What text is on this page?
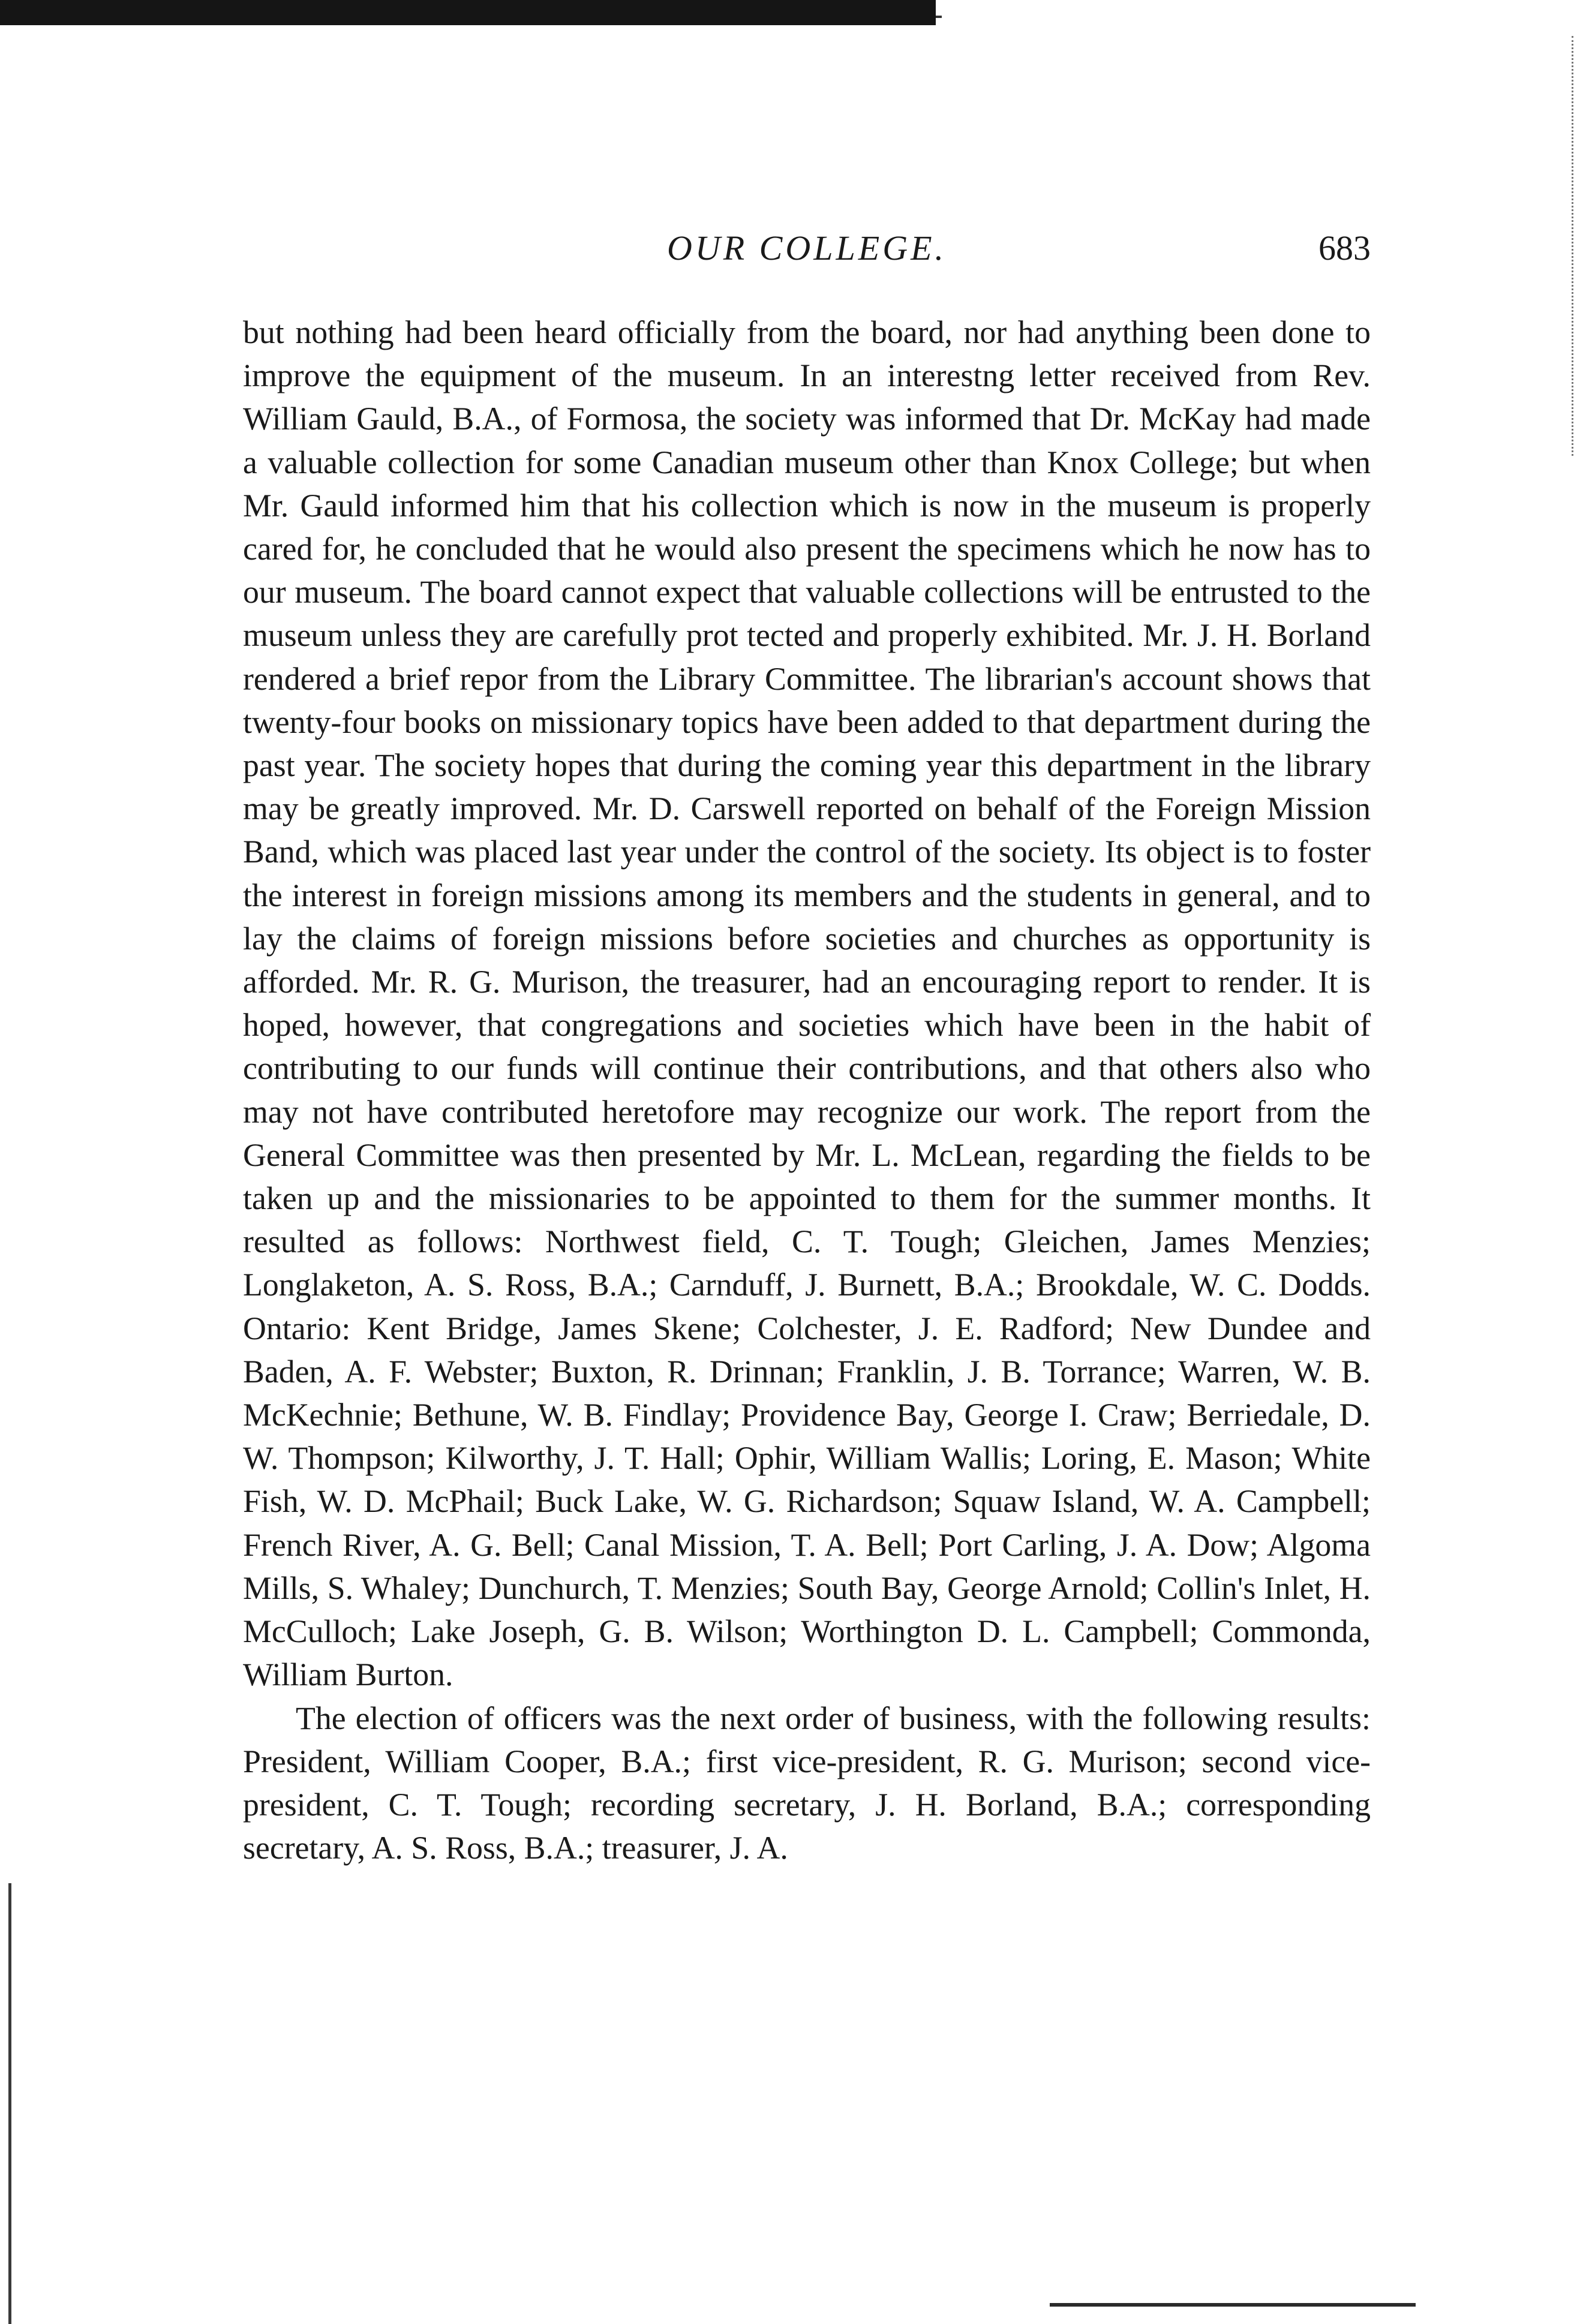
OUR COLLEGE.	683

but nothing had been heard officially from the board, nor had anything been done to improve the equipment of the museum. In an interestng letter received from Rev. William Gauld, B.A., of Formosa, the society was informed that Dr. McKay had made a valuable collection for some Canadian museum other than Knox College; but when Mr. Gauld informed him that his collection which is now in the museum is properly cared for, he concluded that he would also present the specimens which he now has to our museum. The board cannot expect that valuable collections will be entrusted to the museum unless they are carefully prot tected and properly exhibited. Mr. J. H. Borland rendered a brief repor from the Library Committee. The librarian's account shows that twenty-four books on missionary topics have been added to that department during the past year. The society hopes that during the coming year this department in the library may be greatly improved. Mr. D. Carswell reported on behalf of the Foreign Mission Band, which was placed last year under the control of the society. Its object is to foster the interest in foreign missions among its members and the students in general, and to lay the claims of foreign missions before societies and churches as opportunity is afforded. Mr. R. G. Murison, the treasurer, had an encouraging report to render. It is hoped, however, that congregations and societies which have been in the habit of contributing to our funds will continue their contributions, and that others also who may not have contributed heretofore may recognize our work. The report from the General Committee was then presented by Mr. L. McLean, regarding the fields to be taken up and the missionaries to be appointed to them for the summer months. It resulted as follows: Northwest field, C. T. Tough; Gleichen, James Menzies; Longlaketon, A. S. Ross, B.A.; Carnduff, J. Burnett, B.A.; Brookdale, W. C. Dodds. Ontario: Kent Bridge, James Skene; Colchester, J. E. Radford; New Dundee and Baden, A. F. Webster; Buxton, R. Drinnan; Franklin, J. B. Torrance; Warren, W. B. McKechnie; Bethune, W. B. Findlay; Providence Bay, George I. Craw; Berriedale, D. W. Thompson; Kilworthy, J. T. Hall; Ophir, William Wallis; Loring, E. Mason; White Fish, W. D. McPhail; Buck Lake, W. G. Richardson; Squaw Island, W. A. Campbell; French River, A. G. Bell; Canal Mission, T. A. Bell; Port Carling, J. A. Dow; Algoma Mills, S. Whaley; Dunchurch, T. Menzies; South Bay, George Arnold; Collin's Inlet, H. McCulloch; Lake Joseph, G. B. Wilson; Worthington D. L. Campbell; Commonda, William Burton.

The election of officers was the next order of business, with the following results: President, William Cooper, B.A.; first vice-president, R. G. Murison; second vice-president, C. T. Tough; recording secretary, J. H. Borland, B.A.; corresponding secretary, A. S. Ross, B.A.; treasurer, J. A.
